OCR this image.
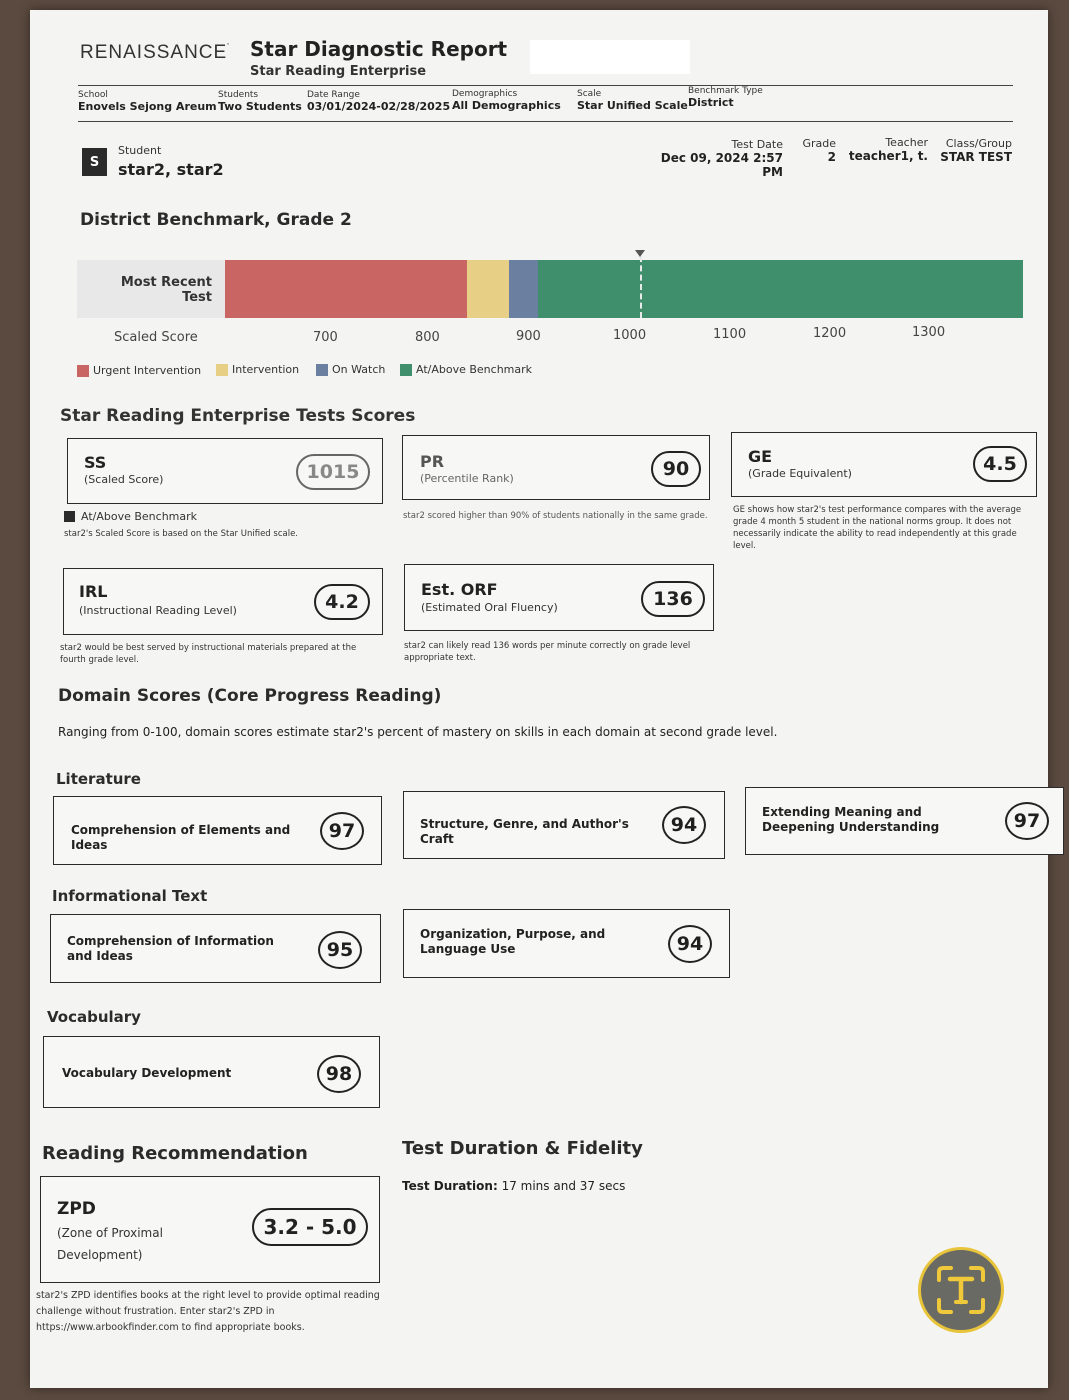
RENAISSANCE' Star Diagnostic Report
Star Reading Enterprise
School
Enovels Sejong Areum
Students
Two Students
Date Range
03/01/2024-02/28/2025
Demographics
All Demographics
Scale
Star Unified Scale
Benchmark Type
District
S
Student
star2, star2
Test Date
Dec 09, 2024 2:57 PM
Grade
2
Teacher
teacher1, t.
Class/Group
STAR TEST
District Benchmark, Grade 2
Most Recent Test
Scaled Score	700	800	900	1000	1100	1200	1300
Urgent Intervention	Intervention	On Watch	At/Above Benchmark
Star Reading Enterprise Tests Scores
SS
(Scaled Score)	1015
At/Above Benchmark
star2's Scaled Score is based on the Star Unified scale.
PR
(Percentile Rank)	90
star2 scored higher than 90% of students nationally in the same grade.
GE
(Grade Equivalent)	4.5
GE shows how star2's test performance compares with the average grade 4 month 5 student in the national norms group. It does not necessarily indicate the ability to read independently at this grade level.
IRL
(Instructional Reading Level)	4.2
star2 would be best served by instructional materials prepared at the fourth grade level.
Est. ORF
(Estimated Oral Fluency)	136
star2 can likely read 136 words per minute correctly on grade level appropriate text.
Domain Scores (Core Progress Reading)
Ranging from 0-100, domain scores estimate star2's percent of mastery on skills in each domain at second grade level.
Literature
Comprehension of Elements and Ideas
97	Structure, Genre, and Author's Craft
94
Extending Meaning and Deepening Understanding	97
Informational Text
Comprehension of Information and Ideas	95
Organization, Purpose, and Language Use	94
Vocabulary
Vocabulary Development	98
Reading Recommendation
ZPD
(Zone of Proximal Development)
3.2 - 5.0
star2's ZPD identifies books at the right level to provide optimal reading challenge without frustration. Enter star2's ZPD in https://www.arbookfinder.com to find appropriate books.
Test Duration & Fidelity
Test Duration: 17 mins and 37 secs
